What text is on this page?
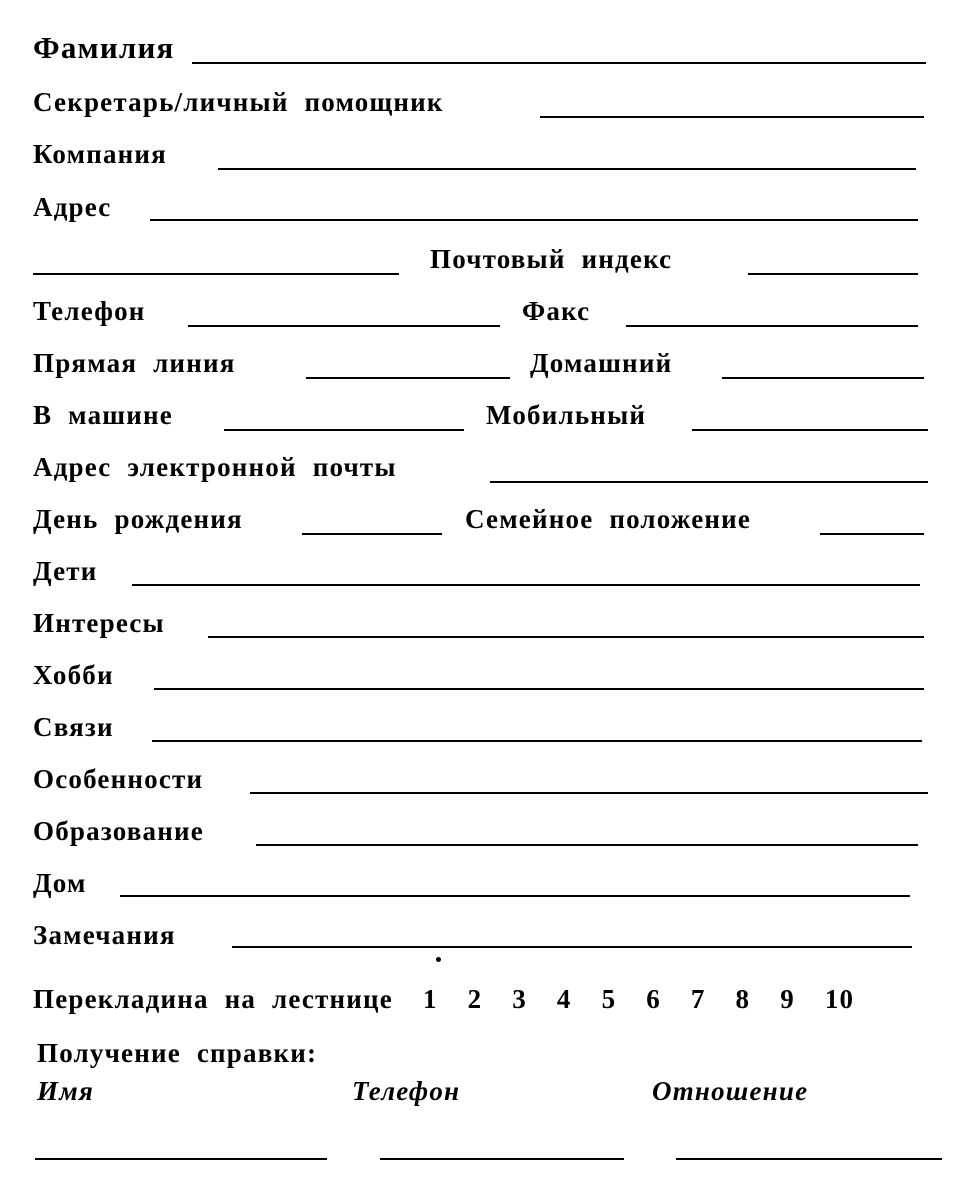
Фамилия
Секретарь/личный помощник
Компания
Адрес
Почтовый индекс
Телефон	Факс
Прямая линия	Домашний
В машине	Мобильный
Адрес электронной почты
День рождения	Семейное положение
Дети
Интересы
Хобби
Связи
Особенности
Образование
Дом
Замечания
Перекладина на лестнице 1 2 3 4 5 6 7 8 9 10
Получение справки:
Имя	Телефон	Отношение
